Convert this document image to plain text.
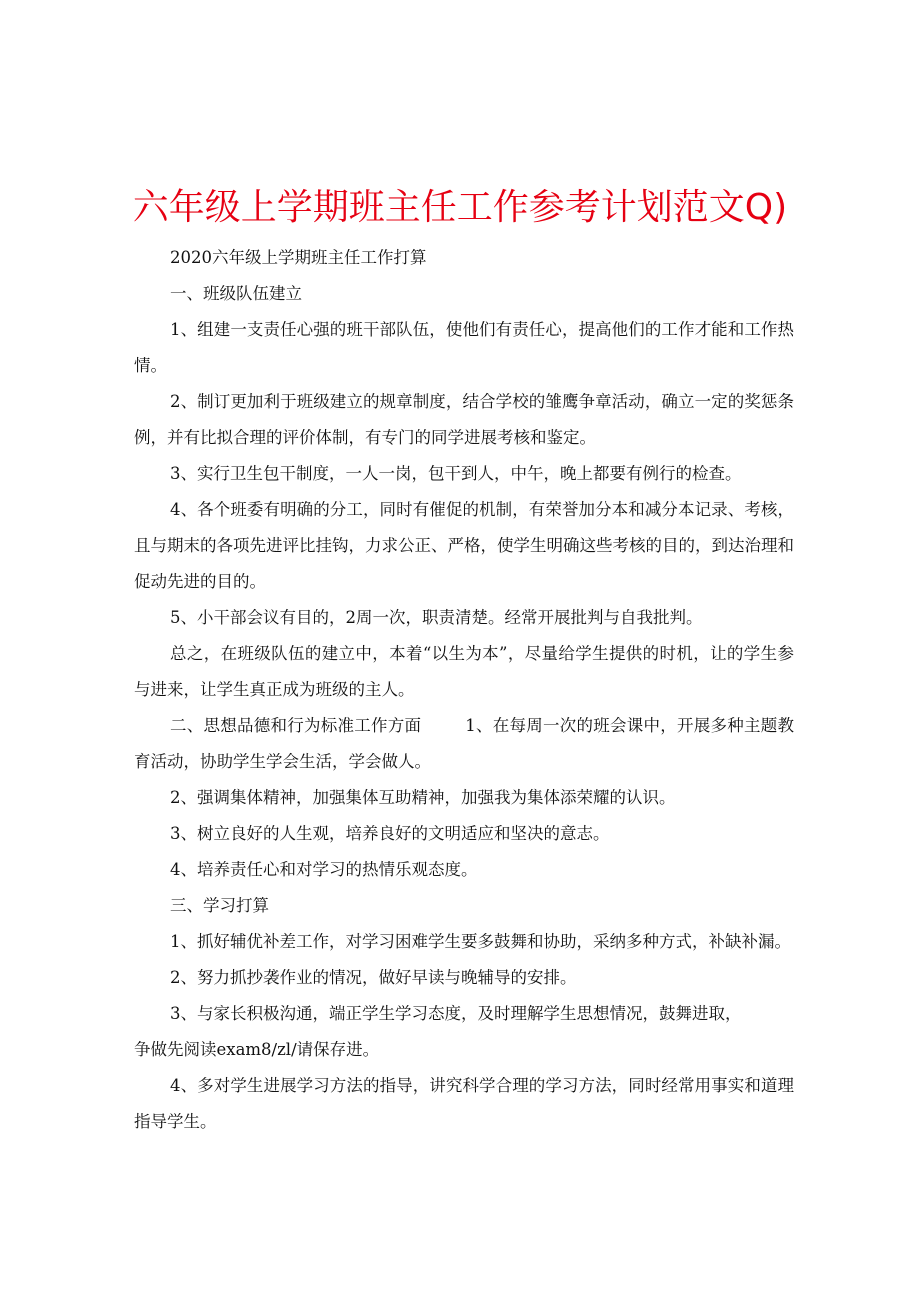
六年级上学期班主任工作参考计划范文Q)

2020六年级上学期班主任工作打算

一、班级队伍建立

1、组建一支责任心强的班干部队伍，使他们有责任心，提高他们的工作才能和工作热情。

2、制订更加利于班级建立的规章制度，结合学校的雏鹰争章活动，确立一定的奖惩条例，并有比拟合理的评价体制，有专门的同学进展考核和鉴定。

3、实行卫生包干制度，一人一岗，包干到人，中午，晚上都要有例行的检查。

4、各个班委有明确的分工，同时有催促的机制，有荣誉加分本和减分本记录、考核，且与期末的各项先进评比挂钩，力求公正、严格，使学生明确这些考核的目的，到达治理和促动先进的目的。

5、小干部会议有目的，2周一次，职责清楚。经常开展批判与自我批判。

总之，在班级队伍的建立中，本着“以生为本”，尽量给学生提供的时机，让的学生参与进来，让学生真正成为班级的主人。

二、思想品德和行为标准工作方面	1、在每周一次的班会课中，开展多种主题教育活动，协助学生学会生活，学会做人。

2、强调集体精神，加强集体互助精神，加强我为集体添荣耀的认识。

3、树立良好的人生观，培养良好的文明适应和坚决的意志。

4、培养责任心和对学习的热情乐观态度。

三、学习打算

1、抓好辅优补差工作，对学习困难学生要多鼓舞和协助，采纳多种方式，补缺补漏。

2、努力抓抄袭作业的情况，做好早读与晚辅导的安排。

3、与家长积极沟通，端正学生学习态度，及时理解学生思想情况，鼓舞进取，

争做先阅读exam8∕zl∕请保存进。

4、多对学生进展学习方法的指导，讲究科学合理的学习方法，同时经常用事实和道理指导学生。
